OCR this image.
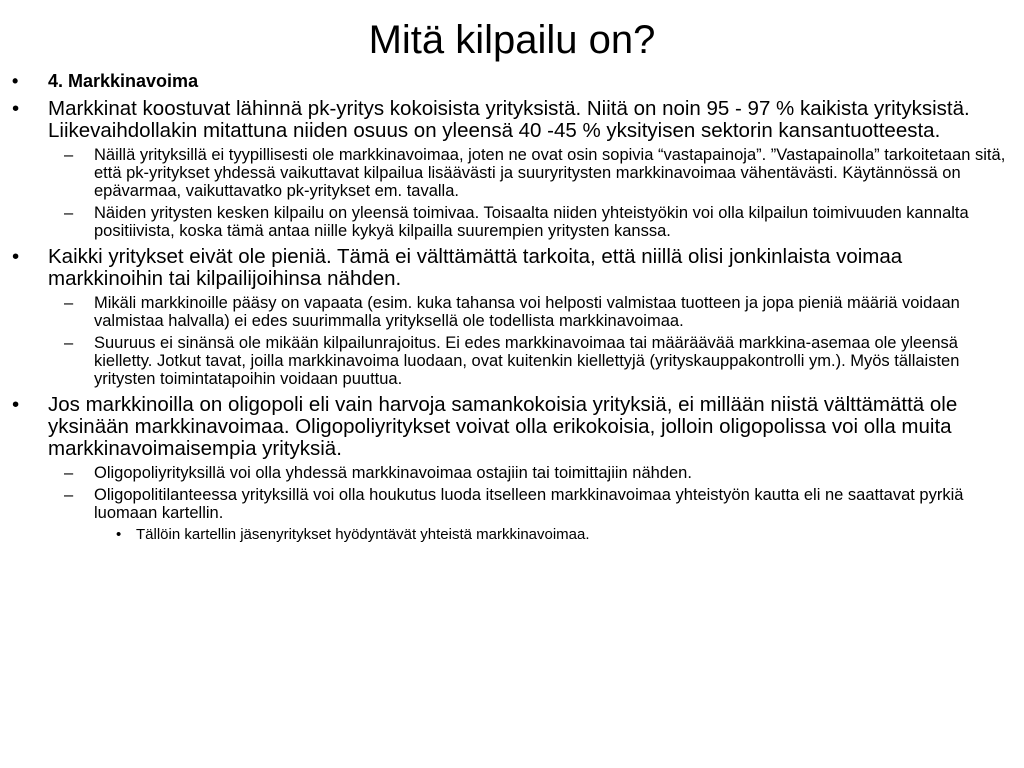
Mitä kilpailu on?
• 4. Markkinavoima
• Markkinat koostuvat lähinnä pk-yritys kokoisista yrityksistä. Niitä on noin 95 - 97 % kaikista yrityksistä. Liikevaihdollakin mitattuna niiden osuus on yleensä 40 -45 % yksityisen sektorin kansantuotteesta.
– Näillä yrityksillä ei tyypillisesti ole markkinavoimaa, joten ne ovat osin sopivia “vastapainoja”. ”Vastapainolla” tarkoitetaan sitä, että pk-yritykset yhdessä vaikuttavat kilpailua lisäävästi ja suuryritysten markkinavoimaa vähentävästi. Käytännössä on epävarmaa, vaikuttavatko pk-yritykset em. tavalla.
– Näiden yritysten kesken kilpailu on yleensä toimivaa. Toisaalta niiden yhteistyökin voi olla kilpailun toimivuuden kannalta positiivista, koska tämä antaa niille kykyä kilpailla suurempien yritysten kanssa.
• Kaikki yritykset eivät ole pieniä. Tämä ei välttämättä tarkoita, että niillä olisi jonkinlaista voimaa markkinoihin tai kilpailijoihinsa nähden.
– Mikäli markkinoille pääsy on vapaata (esim. kuka tahansa voi helposti valmistaa tuotteen ja jopa pieniä määriä voidaan valmistaa halvalla) ei edes suurimmalla yrityksellä ole todellista markkinavoimaa.
– Suuruus ei sinänsä ole mikään kilpailunrajoitus. Ei edes markkinavoimaa tai määräävää markkina-asemaa ole yleensä kielletty. Jotkut tavat, joilla markkinavoima luodaan, ovat kuitenkin kiellettyjä (yrityskauppakontrolli ym.). Myös tällaisten yritysten toimintatapoihin voidaan puuttua.
• Jos markkinoilla on oligopoli eli vain harvoja samankokoisia yrityksiä, ei millään niistä välttämättä ole yksinään markkinavoimaa. Oligopoliyritykset voivat olla erikokoisia, jolloin oligopolissa voi olla muita markkinavoimaisempia yrityksiä.
– Oligopoliyrityksillä voi olla yhdessä markkinavoimaa ostajiin tai toimittajiin nähden.
– Oligopolitilanteessa yrityksillä voi olla houkutus luoda itselleen markkinavoimaa yhteistyön kautta eli ne saattavat pyrkiä luomaan kartellin.
• Tällöin kartellin jäsenyritykset hyödyntävät yhteistä markkinavoimaa.
